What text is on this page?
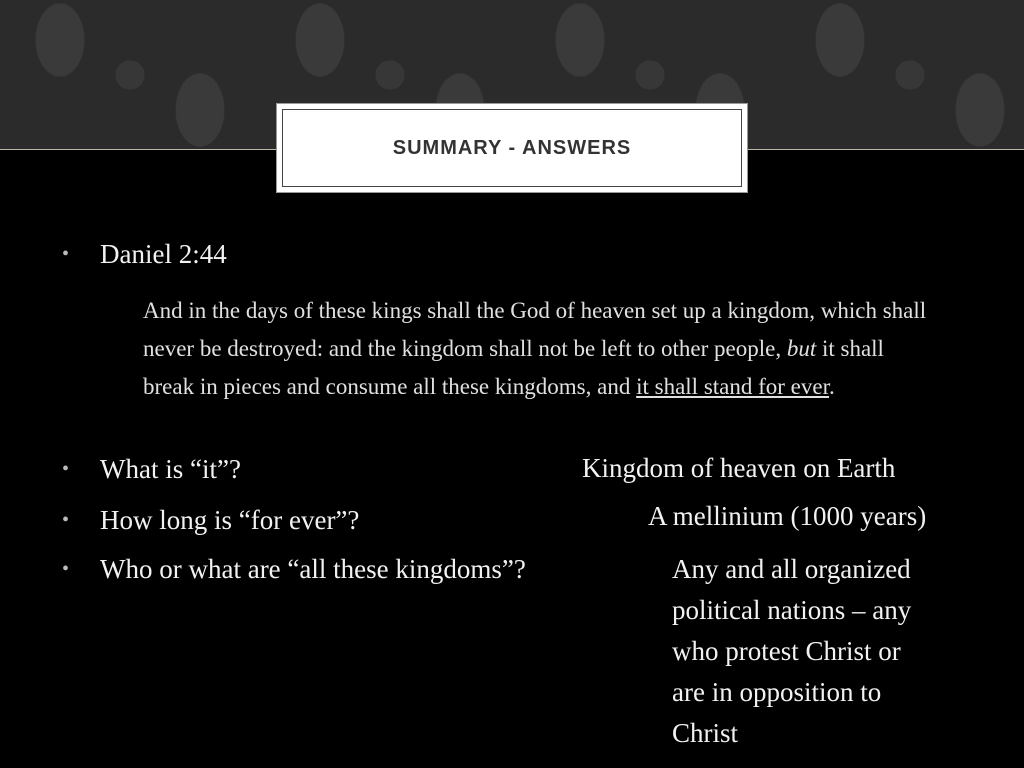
SUMMARY - ANSWERS
• Daniel 2:44

And in the days of these kings shall the God of heaven set up a kingdom, which shall never be destroyed: and the kingdom shall not be left to other people, but it shall break in pieces and consume all these kingdoms, and it shall stand for ever.

• What is “it”?
• How long is “for ever”?
• Who or what are “all these kingdoms”?
Kingdom of heaven on Earth
A mellinium (1000 years)
Any and all organized
political nations – any
who protest Christ or
are in opposition to
Christ
